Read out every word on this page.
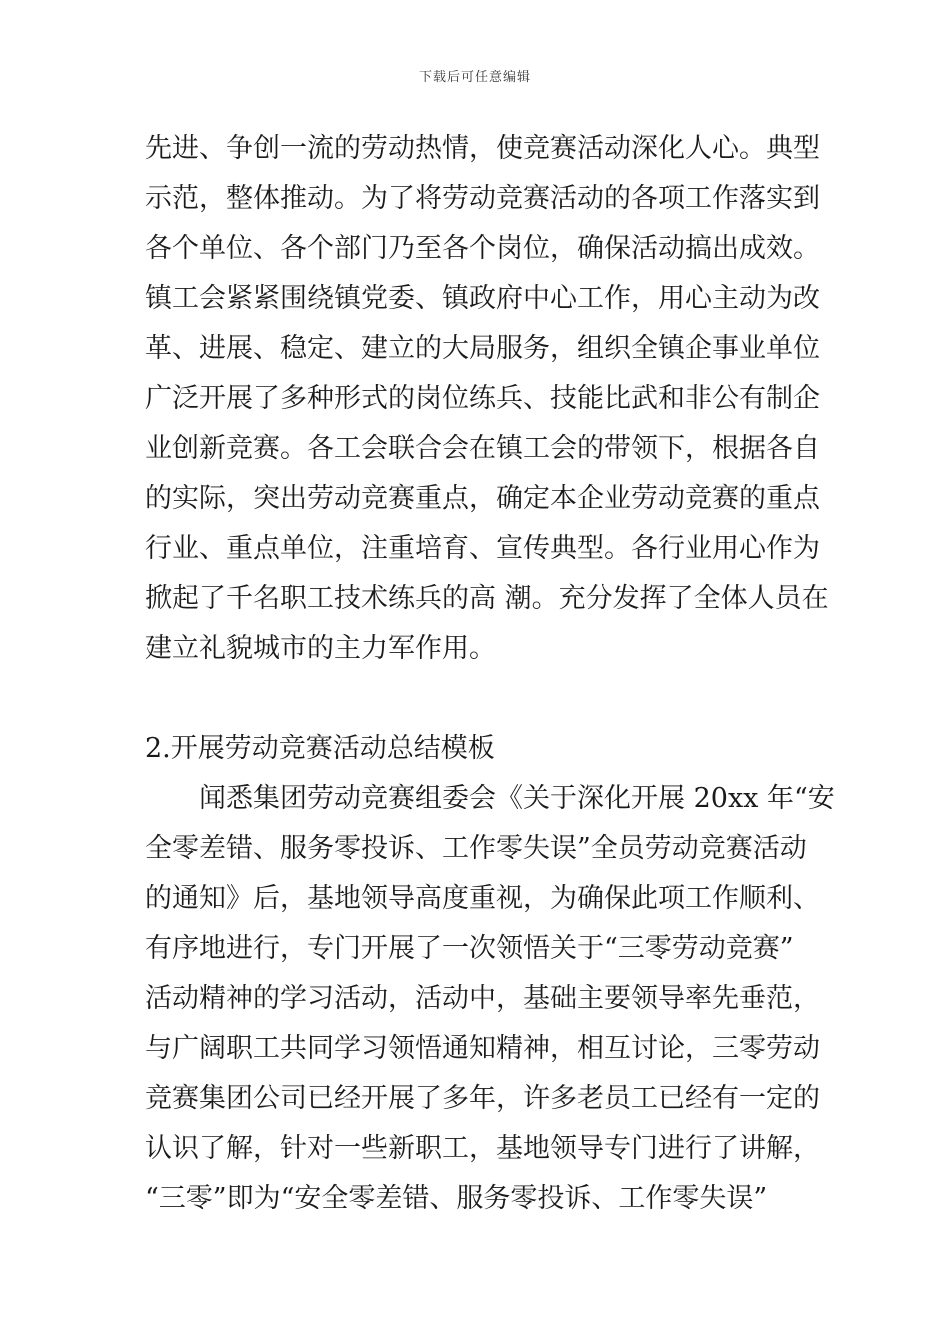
下载后可任意编辑
先进、争创一流的劳动热情，使竞赛活动深化人心。典型
示范，整体推动。为了将劳动竞赛活动的各项工作落实到
各个单位、各个部门乃至各个岗位，确保活动搞出成效。
镇工会紧紧围绕镇党委、镇政府中心工作，用心主动为改
革、进展、稳定、建立的大局服务，组织全镇企事业单位
广泛开展了多种形式的岗位练兵、技能比武和非公有制企
业创新竞赛。各工会联合会在镇工会的带领下，根据各自
的实际，突出劳动竞赛重点，确定本企业劳动竞赛的重点
行业、重点单位，注重培育、宣传典型。各行业用心作为
掀起了千名职工技术练兵的高 潮。充分发挥了全体人员在
建立礼貌城市的主力军作用。
2.开展劳动竞赛活动总结模板
闻悉集团劳动竞赛组委会《关于深化开展 20xx 年“安
全零差错、服务零投诉、工作零失误”全员劳动竞赛活动
的通知》后，基地领导高度重视，为确保此项工作顺利、
有序地进行，专门开展了一次领悟关于“三零劳动竞赛”
活动精神的学习活动，活动中，基础主要领导率先垂范，
与广阔职工共同学习领悟通知精神，相互讨论，三零劳动
竞赛集团公司已经开展了多年，许多老员工已经有一定的
认识了解，针对一些新职工，基地领导专门进行了讲解，
“三零”即为“安全零差错、服务零投诉、工作零失误”
